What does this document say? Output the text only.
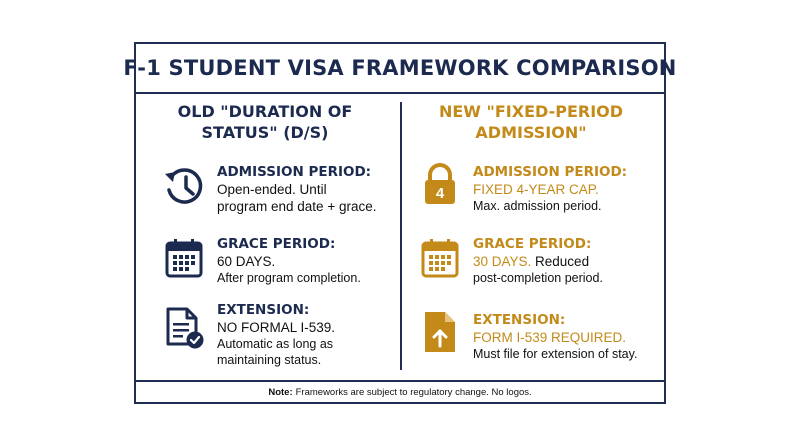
F-1 STUDENT VISA FRAMEWORK COMPARISON
OLD "DURATION OF STATUS" (D/S)
NEW "FIXED-PERIOD ADMISSION"
ADMISSION PERIOD:
Open-ended. Until
program end date + grace.
GRACE PERIOD:
60 DAYS.
After program completion.
EXTENSION:
NO FORMAL I-539.
Automatic as long as
maintaining status.
4
ADMISSION PERIOD:
FIXED 4-YEAR CAP.
Max. admission period.
GRACE PERIOD:
30 DAYS. Reduced
post-completion period.
EXTENSION:
FORM I-539 REQUIRED.
Must file for extension of stay.
Note: Frameworks are subject to regulatory change. No logos.
